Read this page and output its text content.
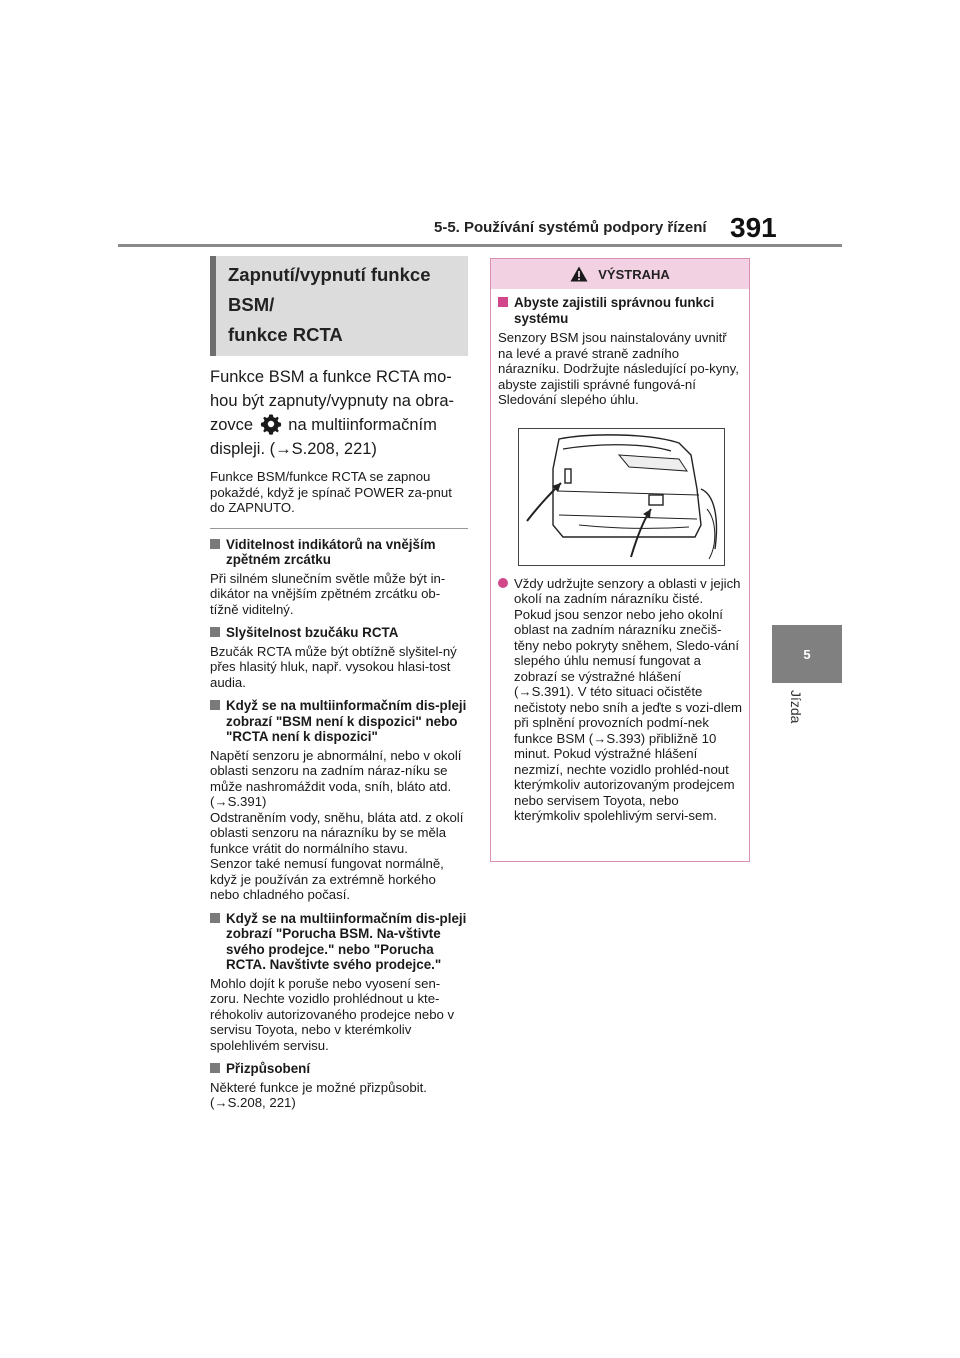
5-5. Používání systémů podpory řízení 391
5
Jízda
Zapnutí/vypnutí funkce BSM/
funkce RCTA

Funkce BSM a funkce RCTA mo-hou být zapnuty/vypnuty na obra-zovce na multiinformačním displeji. (→S.208, 221)

Funkce BSM/funkce RCTA se zapnou pokaždé, když je spínač POWER za-pnut do ZAPNUTO.

Viditelnost indikátorů na vnějším zpětném zrcátku
Při silném slunečním světle může být in-dikátor na vnějším zpětném zrcátku ob-tížně viditelný.
Slyšitelnost bzučáku RCTA
Bzučák RCTA může být obtížně slyšitel-ný přes hlasitý hluk, např. vysokou hlasi-tost audia.
Když se na multiinformačním dis-pleji zobrazí "BSM není k dispozici" nebo "RCTA není k dispozici"
Napětí senzoru je abnormální, nebo v okolí oblasti senzoru na zadním náraz-níku se může nashromáždit voda, sníh, bláto atd. (→S.391)
Odstraněním vody, sněhu, bláta atd. z okolí oblasti senzoru na nárazníku by se měla funkce vrátit do normálního stavu.
Senzor také nemusí fungovat normálně, když je používán za extrémně horkého nebo chladného počasí.
Když se na multiinformačním dis-pleji zobrazí "Porucha BSM. Na-vštivte svého prodejce." nebo "Porucha RCTA. Navštivte svého prodejce."
Mohlo dojít k poruše nebo vyosení sen-zoru. Nechte vozidlo prohlédnout u kte-réhokoliv autorizovaného prodejce nebo v servisu Toyota, nebo v kterémkoliv spolehlivém servisu.
Přizpůsobení
Některé funkce je možné přizpůsobit. (→S.208, 221)
VÝSTRAHA
Abyste zajistili správnou funkci systému
Senzory BSM jsou nainstalovány uvnitř na levé a pravé straně zadního nárazníku. Dodržujte následující po-kyny, abyste zajistili správné fungová-ní Sledování slepého úhlu.
Vždy udržujte senzory a oblasti v jejich okolí na zadním nárazníku čisté.
Pokud jsou senzor nebo jeho okolní oblast na zadním nárazníku znečiš-těny nebo pokryty sněhem, Sledo-vání slepého úhlu nemusí fungovat a zobrazí se výstražné hlášení (→S.391). V této situaci očistěte nečistoty nebo sníh a jeďte s vozi-dlem při splnění provozních podmí-nek funkce BSM (→S.393) přibližně 10 minut. Pokud výstražné hlášení nezmizí, nechte vozidlo prohléd-nout kterýmkoliv autorizovaným prodejcem nebo servisem Toyota, nebo kterýmkoliv spolehlivým servi-sem.
